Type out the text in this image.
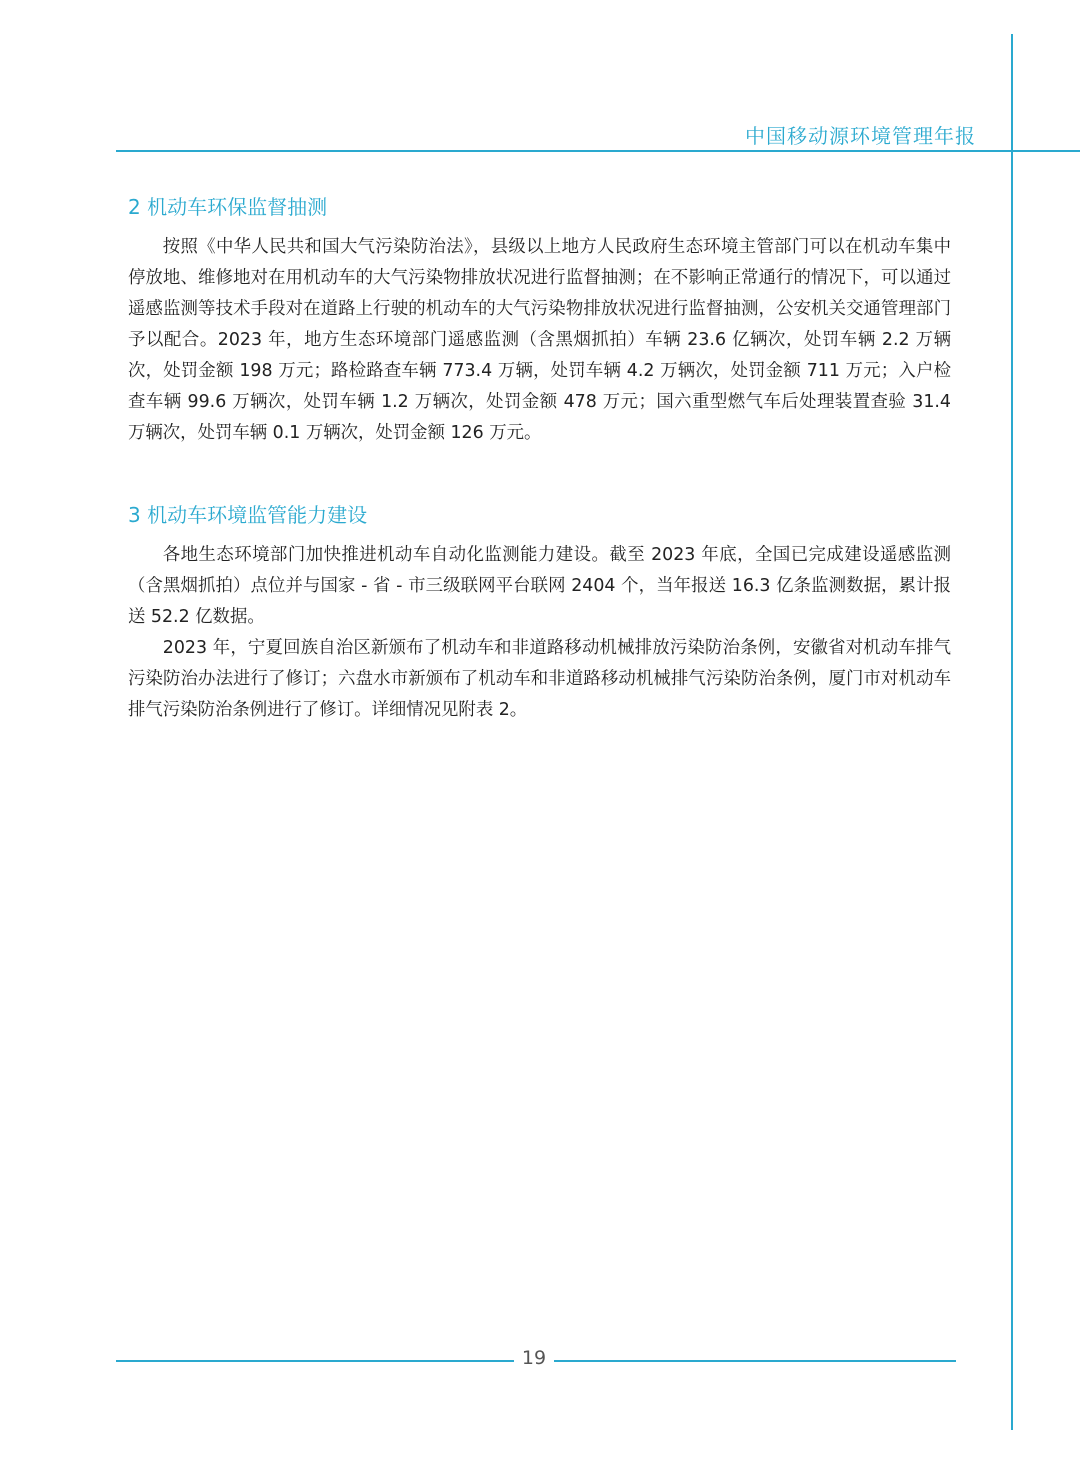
中国移动源环境管理年报
2 机动车环保监督抽测

按照《中华人民共和国大气污染防治法》，县级以上地方人民政府生态环境主管部门可以在机动车集中停放地、维修地对在用机动车的大气污染物排放状况进行监督抽测；在不影响正常通行的情况下，可以通过遥感监测等技术手段对在道路上行驶的机动车的大气污染物排放状况进行监督抽测，公安机关交通管理部门予以配合。2023 年，地方生态环境部门遥感监测（含黑烟抓拍）车辆 23.6 亿辆次，处罚车辆 2.2 万辆次，处罚金额 198 万元；路检路查车辆 773.4 万辆，处罚车辆 4.2 万辆次，处罚金额 711 万元；入户检查车辆 99.6 万辆次，处罚车辆 1.2 万辆次，处罚金额 478 万元；国六重型燃气车后处理装置查验 31.4 万辆次，处罚车辆 0.1 万辆次，处罚金额 126 万元。

3 机动车环境监管能力建设

各地生态环境部门加快推进机动车自动化监测能力建设。截至 2023 年底，全国已完成建设遥感监测（含黑烟抓拍）点位并与国家 - 省 - 市三级联网平台联网 2404 个，当年报送 16.3 亿条监测数据，累计报送 52.2 亿数据。

2023 年，宁夏回族自治区新颁布了机动车和非道路移动机械排放污染防治条例，安徽省对机动车排气污染防治办法进行了修订；六盘水市新颁布了机动车和非道路移动机械排气污染防治条例，厦门市对机动车排气污染防治条例进行了修订。详细情况见附表 2。

19
